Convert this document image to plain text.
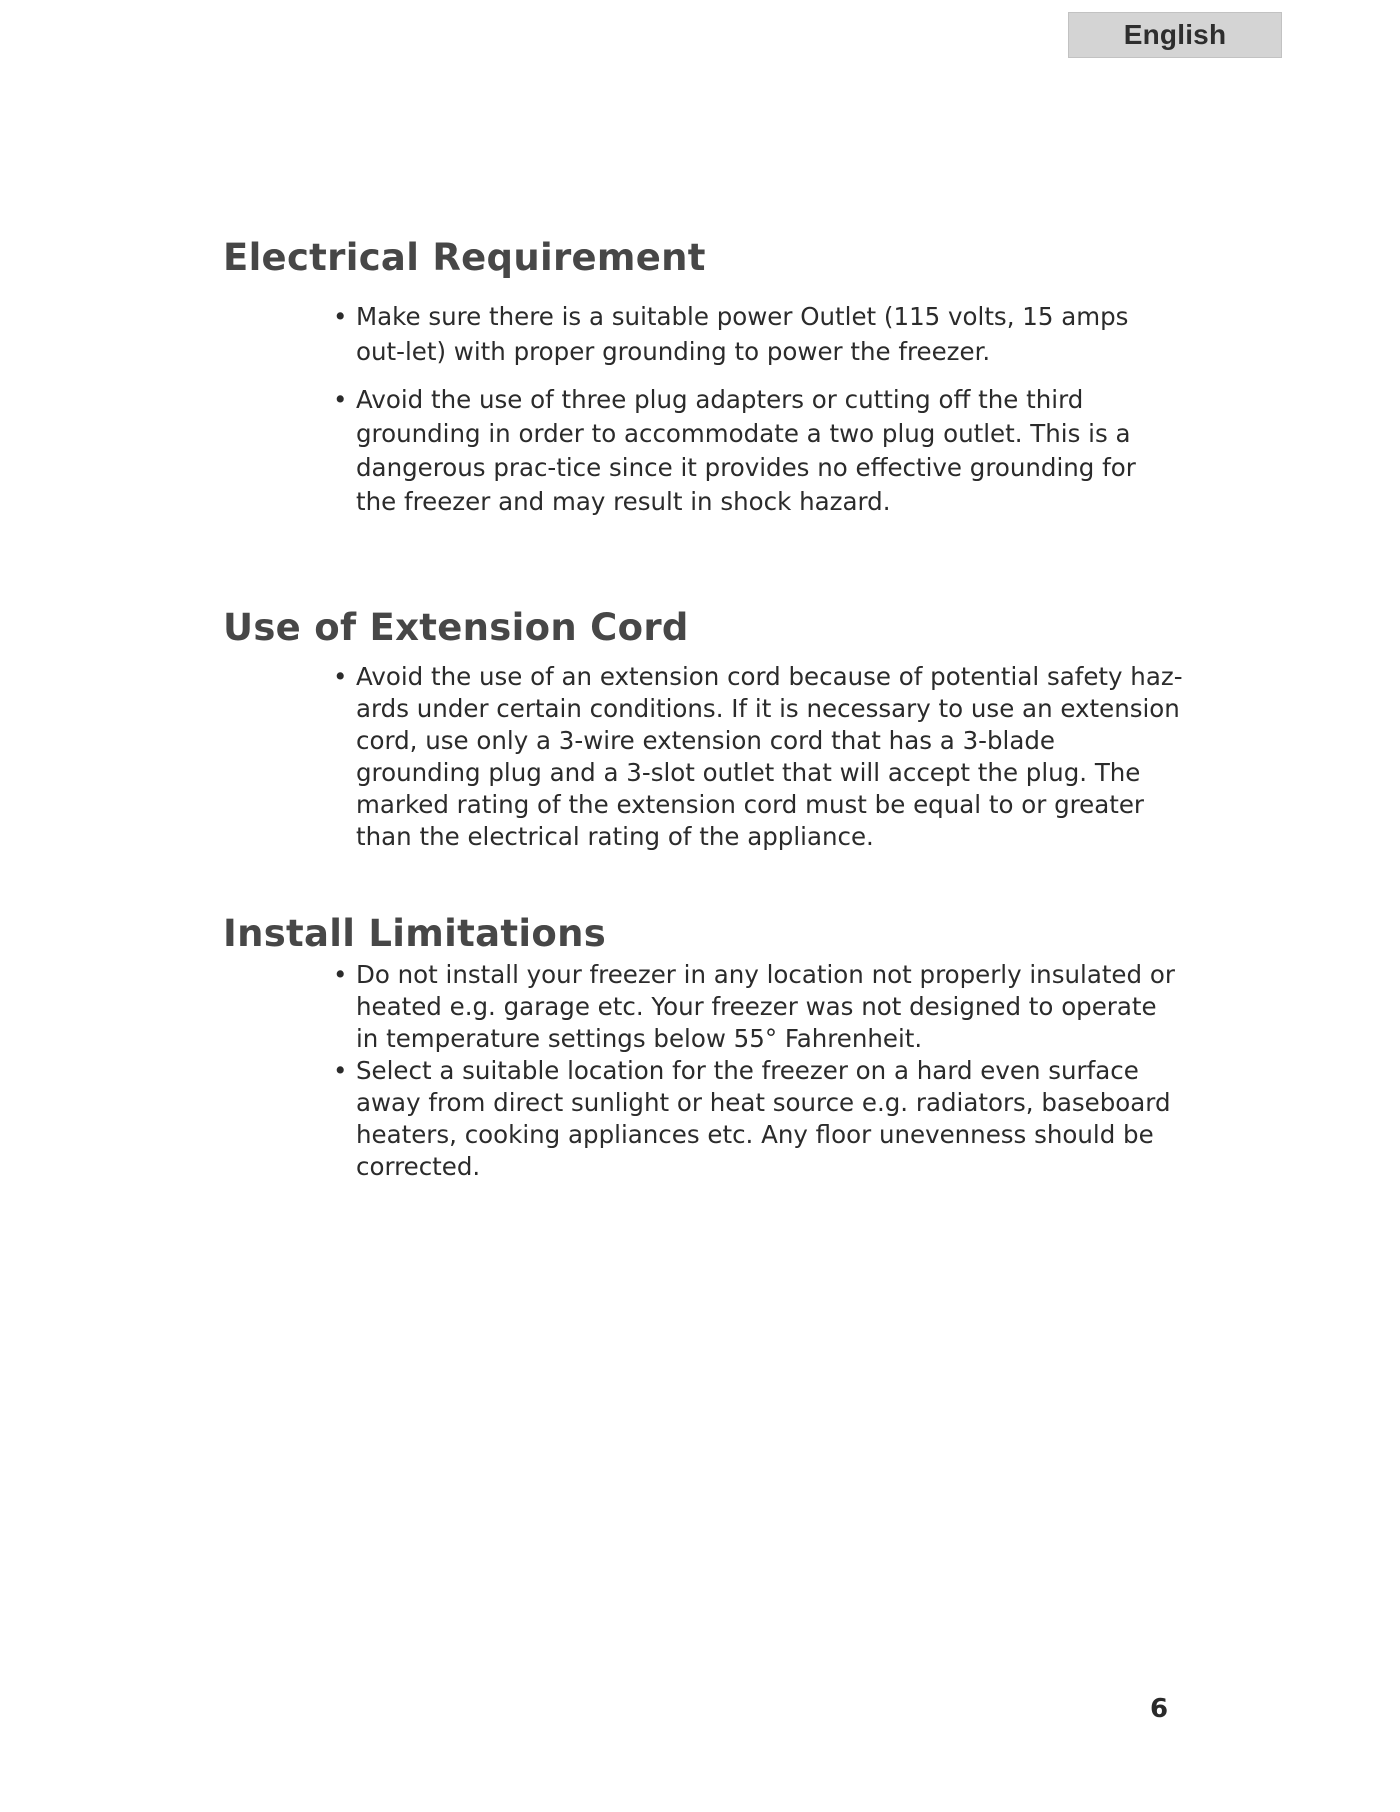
English
Electrical Requirement
• Make sure there is a suitable power Outlet (115 volts, 15 amps out-let) with proper grounding to power the freezer.
• Avoid the use of three plug adapters or cutting off the third grounding in order to accommodate a two plug outlet. This is a dangerous prac-tice since it provides no effective grounding for the freezer and may result in shock hazard.
Use of Extension Cord
• Avoid the use of an extension cord because of potential safety haz-ards under certain conditions. If it is necessary to use an extension cord, use only a 3-wire extension cord that has a 3-blade grounding plug and a 3-slot outlet that will accept the plug. The marked rating of the extension cord must be equal to or greater than the electrical rating of the appliance.
Install Limitations
• Do not install your freezer in any location not properly insulated or heated e.g. garage etc. Your freezer was not designed to operate in temperature settings below 55° Fahrenheit.
• Select a suitable location for the freezer on a hard even surface away from direct sunlight or heat source e.g. radiators, baseboard heaters, cooking appliances etc. Any floor unevenness should be corrected.
6
